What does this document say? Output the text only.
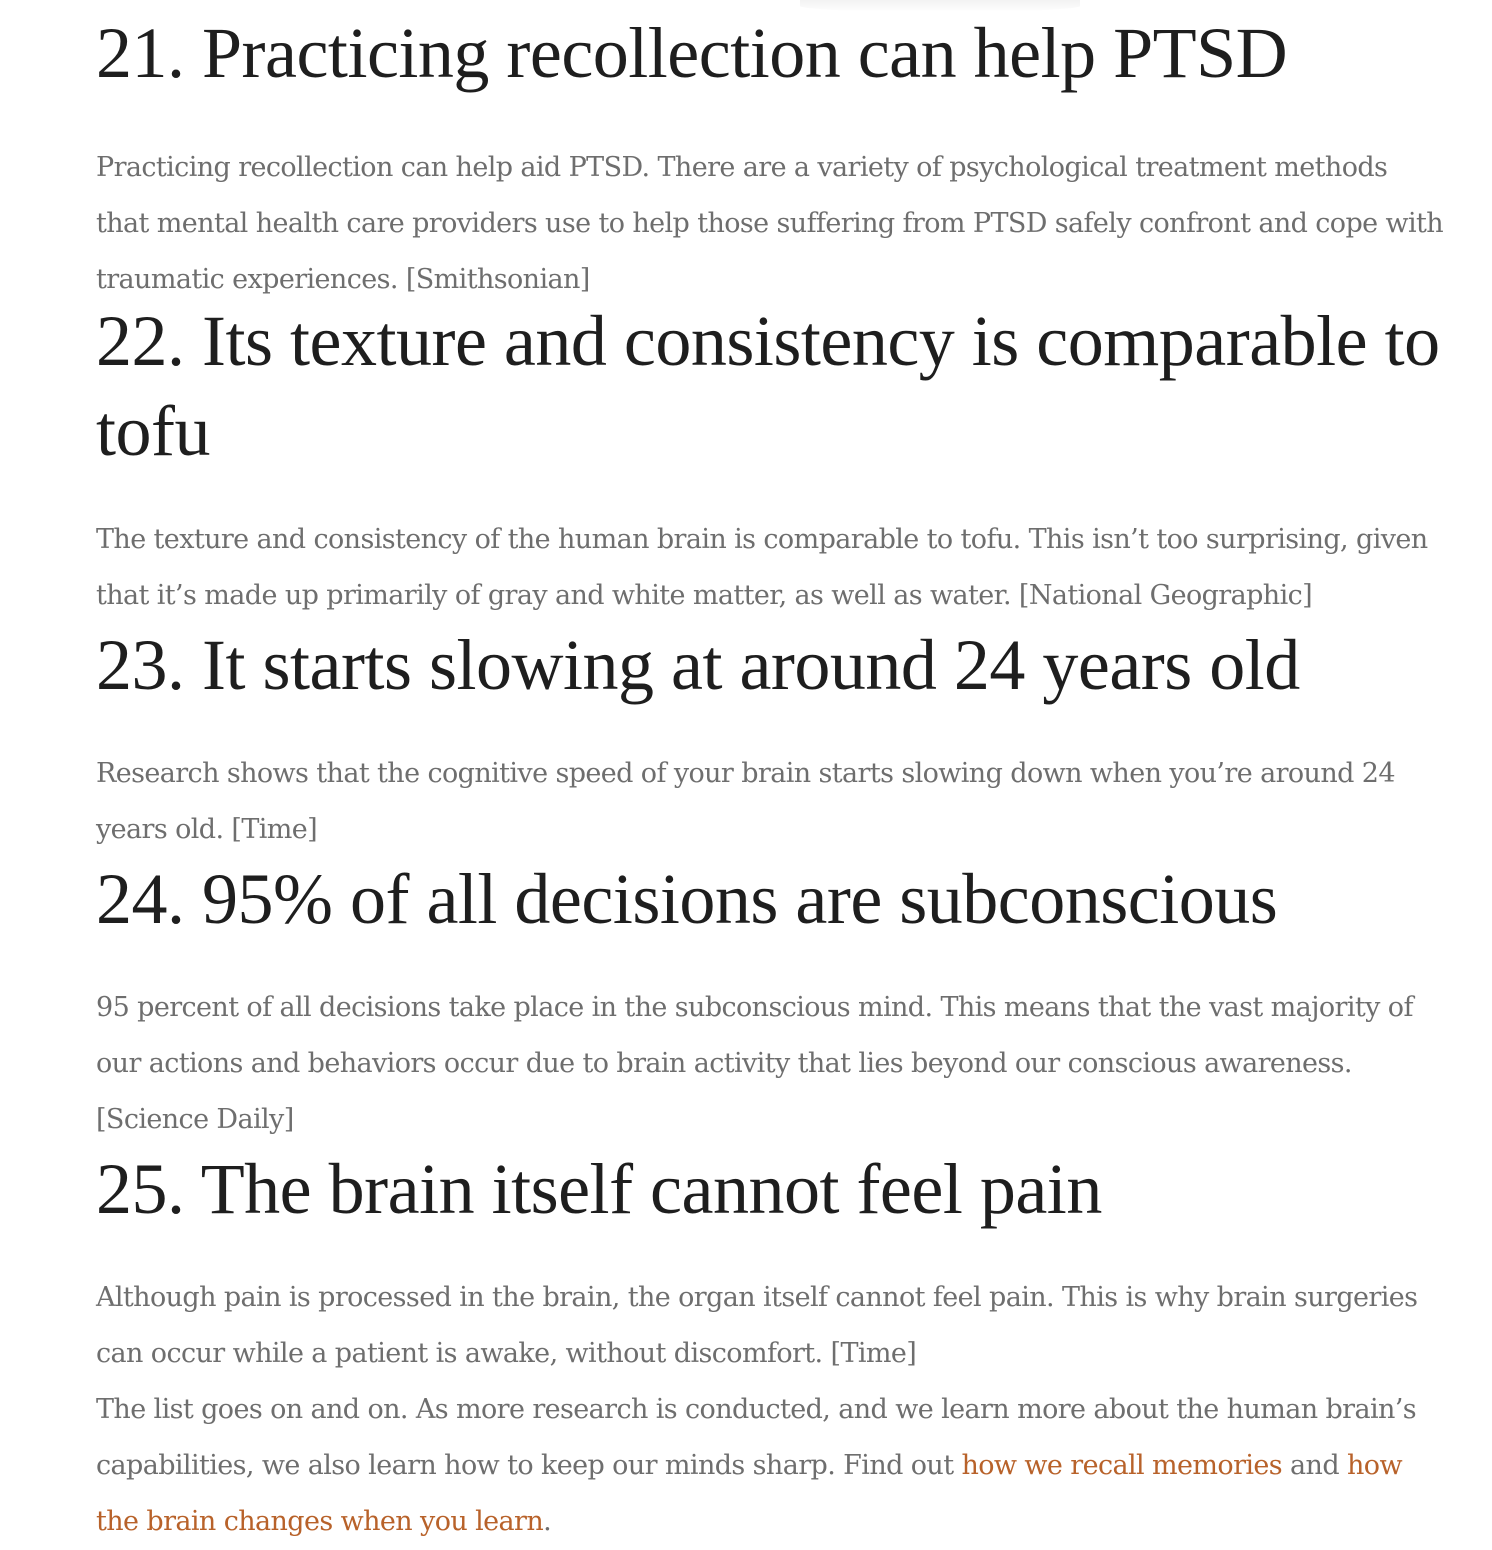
21. Practicing recollection can help PTSD

Practicing recollection can help aid PTSD. There are a variety of psychological treatment methods that mental health care providers use to help those suffering from PTSD safely confront and cope with traumatic experiences. [Smithsonian]

22. Its texture and consistency is comparable to tofu

The texture and consistency of the human brain is comparable to tofu. This isn’t too surprising, given that it’s made up primarily of gray and white matter, as well as water. [National Geographic]

23. It starts slowing at around 24 years old

Research shows that the cognitive speed of your brain starts slowing down when you’re around 24 years old. [Time]

24. 95% of all decisions are subconscious

95 percent of all decisions take place in the subconscious mind. This means that the vast majority of our actions and behaviors occur due to brain activity that lies beyond our conscious awareness. [Science Daily]

25. The brain itself cannot feel pain

Although pain is processed in the brain, the organ itself cannot feel pain. This is why brain surgeries can occur while a patient is awake, without discomfort. [Time]

The list goes on and on. As more research is conducted, and we learn more about the human brain’s capabilities, we also learn how to keep our minds sharp. Find out how we recall memories and how the brain changes when you learn.
